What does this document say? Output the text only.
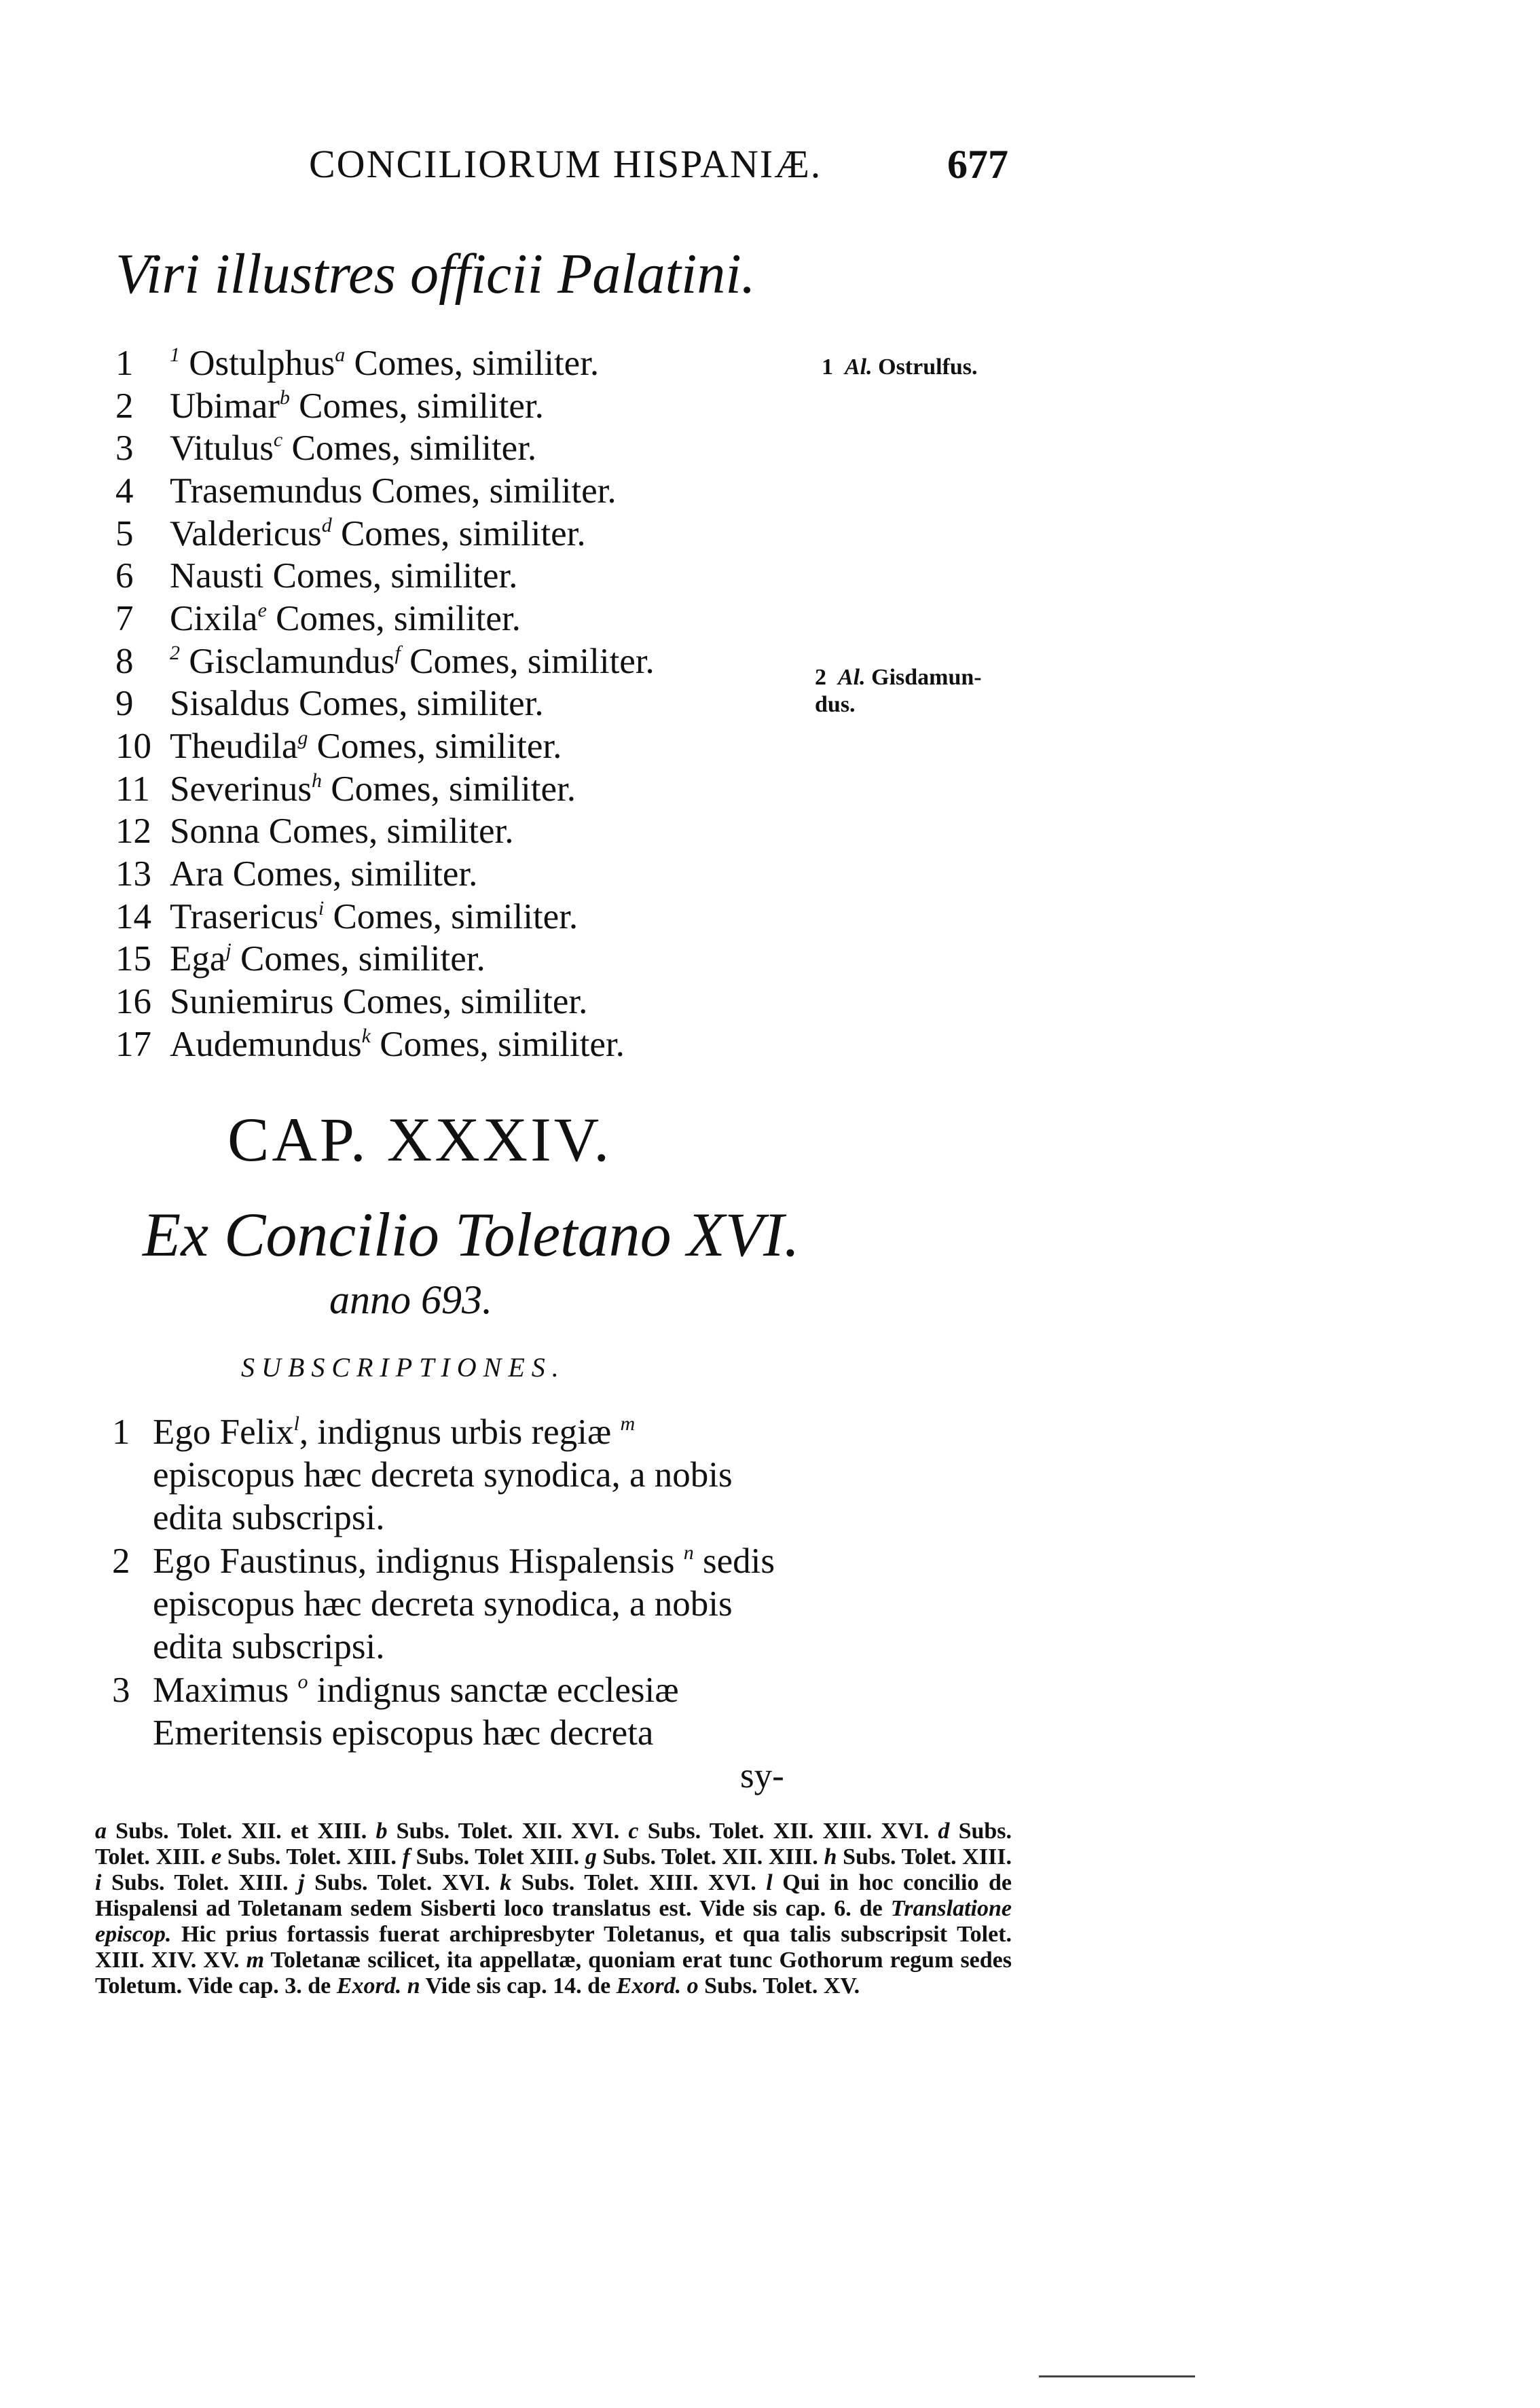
CONCILIORUM HISPANIÆ.	677
Viri illustres officii Palatini.
1 $^1$ Ostulphus$^a$ Comes, similiter.
2 Ubimar$^b$ Comes, similiter.
3 Vitulus$^c$ Comes, similiter.
4 Trasemundus Comes, similiter.
5 Valdericus$^d$ Comes, similiter.
6 Nausti Comes, similiter.
7 Cixila$^e$ Comes, similiter.
8 $^2$ Gisclamundus$^f$ Comes, similiter.
9 Sisaldus Comes, similiter.
10 Theudila$^g$ Comes, similiter.
11 Severinus$^h$ Comes, similiter.
12 Sonna Comes, similiter.
13 Ara Comes, similiter.
14 Trasericus$^i$ Comes, similiter.
15 Ega$^j$ Comes, similiter.
16 Suniemirus Comes, similiter.
17 Audemundus$^k$ Comes, similiter.
1 Al. Ostrulfus.
2 Al. Gisdamun-
dus.
CAP. XXXIV.
Ex Concilio Toletano XVI.
anno 693.
SUBSCRIPTIONES.
1 Ego Felix$^l$, indignus urbis regiæ $^m$ episcopus hæc decreta synodica, a nobis edita subscripsi.
2 Ego Faustinus, indignus Hispalensis $^n$ sedis episcopus hæc decreta synodica, a nobis edita subscripsi.
3 Maximus $^o$ indignus sanctæ ecclesiæ Emeritensis episcopus hæc decreta
sy-
a Subs. Tolet. XII. et XIII. b Subs. Tolet. XII. XVI. c Subs. Tolet. XII. XIII. XVI. d Subs. Tolet. XIII. e Subs. Tolet. XIII. f Subs. Tolet XIII. g Subs. Tolet. XII. XIII. h Subs. Tolet. XIII. i Subs. Tolet. XIII. j Subs. Tolet. XVI. k Subs. Tolet. XIII. XVI. l Qui in hoc concilio de Hispalensi ad Toletanam sedem Sisberti loco translatus est. Vide sis cap. 6. de Translatione episcop. Hic prius fortassis fuerat archipresbyter Toletanus, et qua talis subscripsit Tolet. XIII. XIV. XV. m Toletanæ scilicet, ita appellatæ, quoniam erat tunc Gothorum regum sedes Toletum. Vide cap. 3. de Exord. n Vide sis cap. 14. de Exord. o Subs. Tolet. XV.
